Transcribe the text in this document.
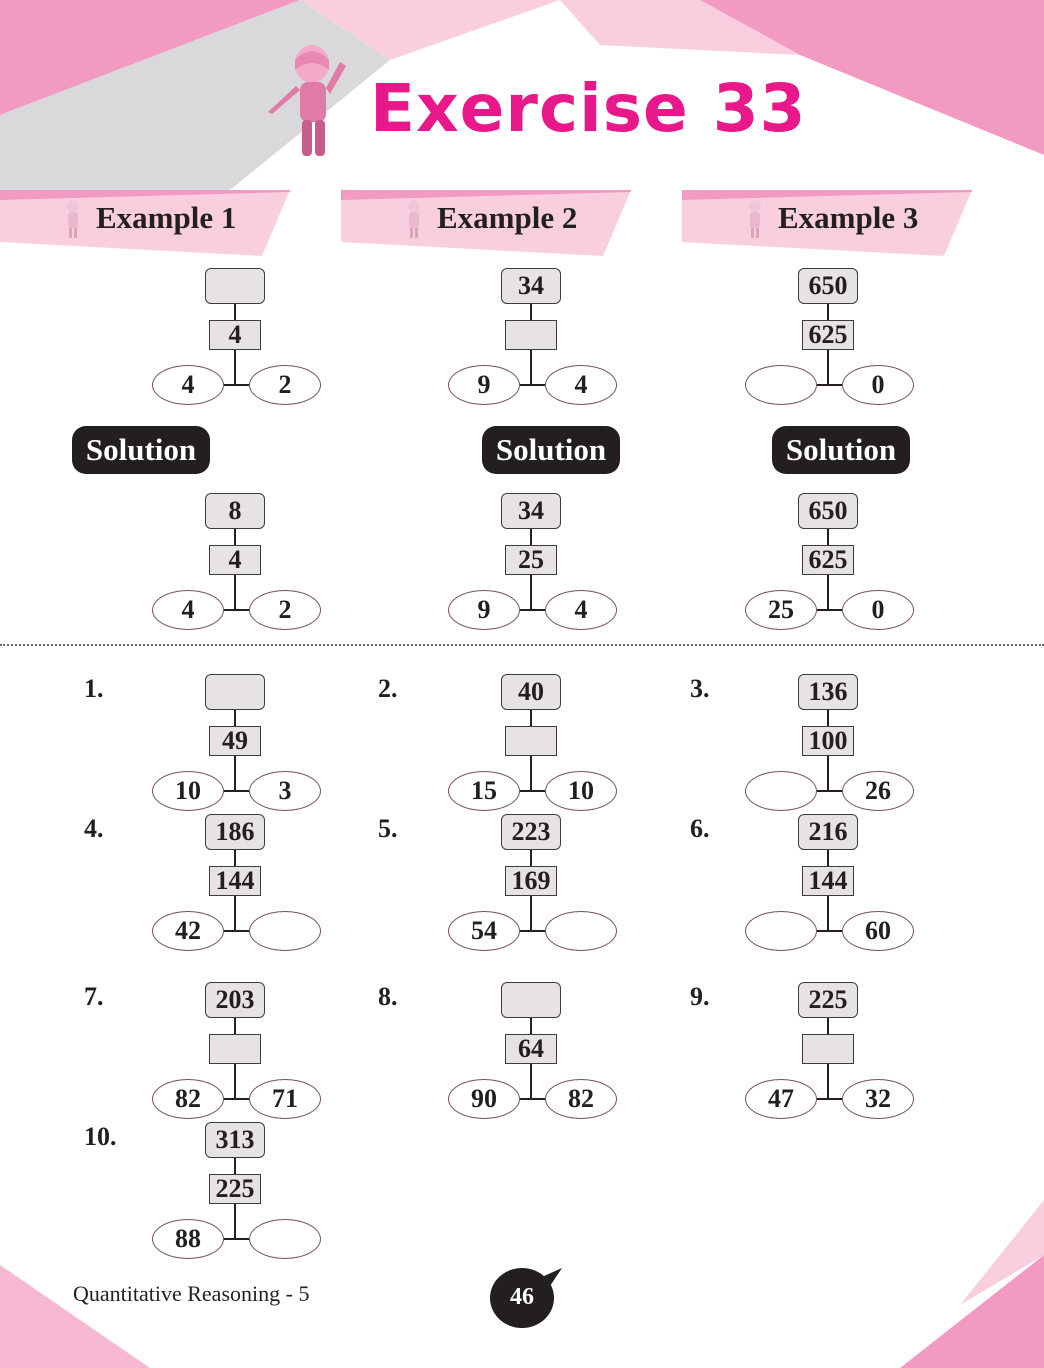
Exercise 33
Example 1
4
4	2
Solution
8
4
4	2
Example 2
34
9	4
Solution
34
25
9	4
Example 3
650
625
0
Solution
650
625
25	0
1.
49
10	3
2.	40
15	10
3.	136
100
26
4.	186
144
42
5.	223
169
54
6.	216
144
60
7.	203
82	71
8.
64
90	82
9.	225
47	32
10.	313
225
88
Quantitative Reasoning - 5	46
